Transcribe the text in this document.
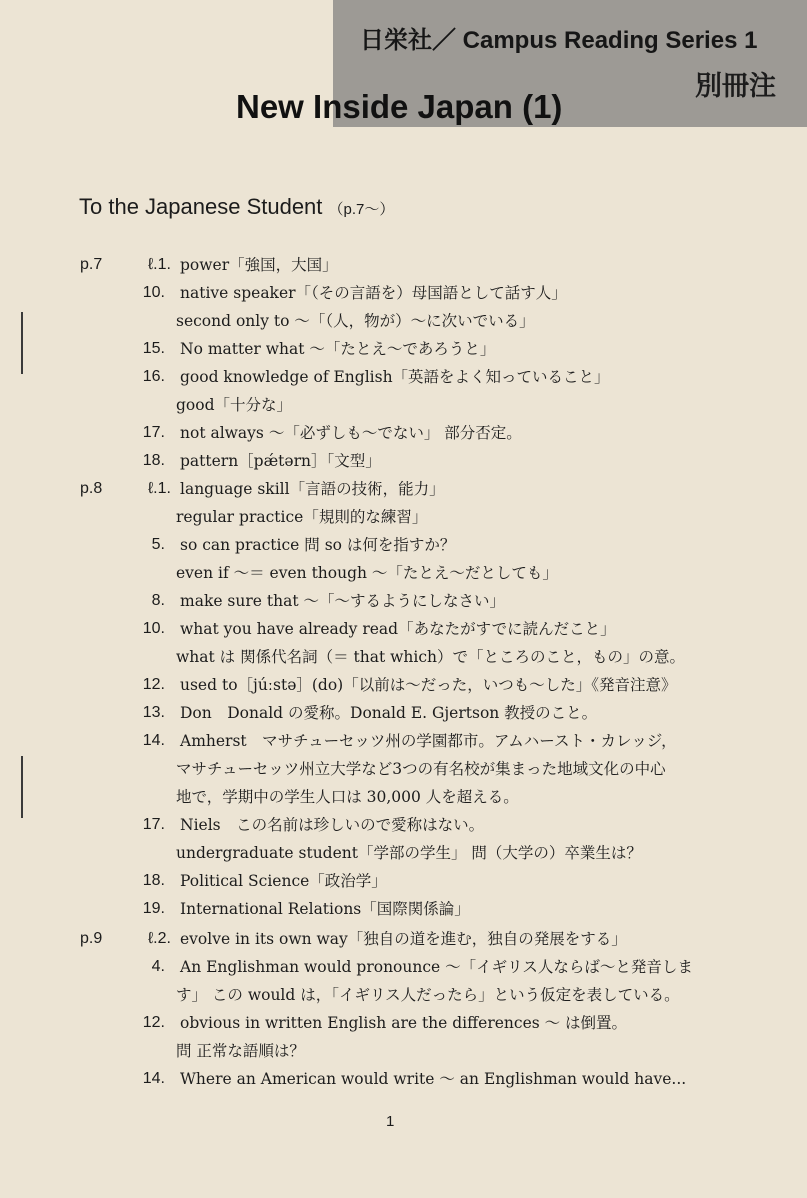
日栄社／ Campus Reading Series 1
別冊注
New Inside Japan (1)
To the Japanese Student （p.7〜）
p.7	ℓ.1. power「強国，大国」
10. native speaker「（その言語を）母国語として話す人」
second only to 〜「（人，物が）〜に次いでいる」
15. No matter what 〜「たとえ〜であろうと」
16. good knowledge of English「英語をよく知っていること」
good「十分な」
17. not always 〜「必ずしも〜でない」 部分否定。
18. pattern［pǽtərn］「文型」
p.8	ℓ.1. language skill「言語の技術，能力」
regular practice「規則的な練習」
5. so can practice 問 so は何を指すか？
even if 〜＝ even though 〜「たとえ〜だとしても」
8. make sure that 〜「〜するようにしなさい」
10. what you have already read「あなたがすでに読んだこと」
what は 関係代名詞（＝ that which）で「ところのこと，もの」の意。
12. used to［júːstə］(do)「以前は〜だった，いつも〜した」《発音注意》
13. Don　Donald の愛称。Donald E. Gjertson 教授のこと。
14. Amherst　マサチューセッツ州の学園都市。アムハースト・カレッジ，
マサチューセッツ州立大学など3つの有名校が集まった地域文化の中心
地で，学期中の学生人口は 30,000 人を超える。
17. Niels　この名前は珍しいので愛称はない。
undergraduate student「学部の学生」 問（大学の）卒業生は？
18. Political Science「政治学」
19. International Relations「国際関係論」
p.9	ℓ.2. evolve in its own way「独自の道を進む，独自の発展をする」
4. An Englishman would pronounce 〜「イギリス人ならば〜と発音しま
す」 この would は，「イギリス人だったら」という仮定を表している。
12. obvious in written English are the differences 〜 は倒置。
問 正常な語順は？
14. Where an American would write 〜 an Englishman would have...
1
